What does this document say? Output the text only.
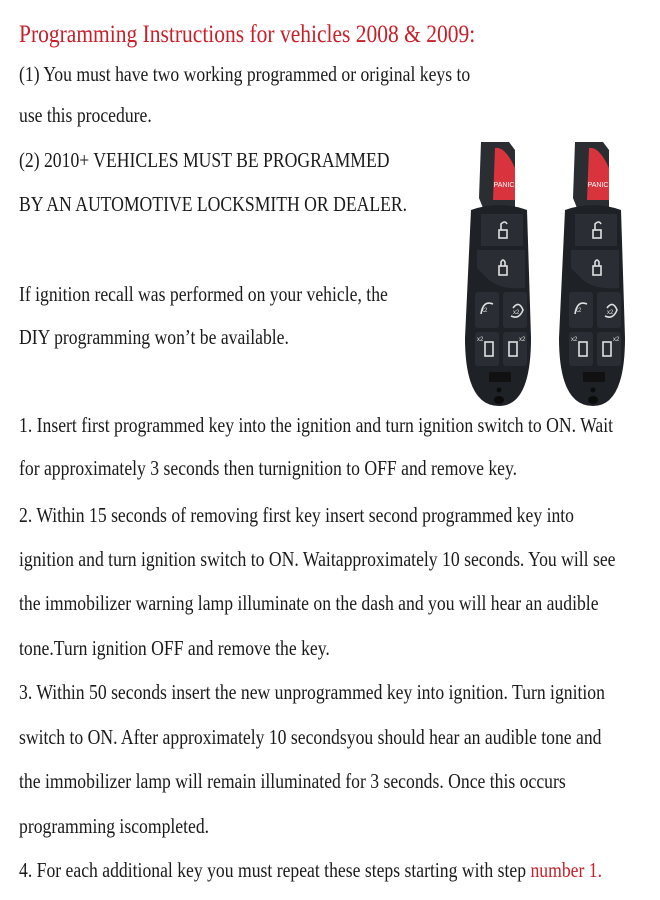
Programming Instructions for vehicles 2008 & 2009:
(1) You must have two working programmed or original keys to
use this procedure.
(2) 2010+ VEHICLES MUST BE PROGRAMMED
BY AN AUTOMOTIVE LOCKSMITH OR DEALER.
If ignition recall was performed on your vehicle, the
DIY programming won’t be available.
1. Insert first programmed key into the ignition and turn ignition switch to ON. Wait
for approximately 3 seconds then turnignition to OFF and remove key.
2. Within 15 seconds of removing first key insert second programmed key into
ignition and turn ignition switch to ON. Waitapproximately 10 seconds. You will see
the immobilizer warning lamp illuminate on the dash and you will hear an audible
tone.Turn ignition OFF and remove the key.
3. Within 50 seconds insert the new unprogrammed key into ignition. Turn ignition
switch to ON. After approximately 10 secondsyou should hear an audible tone and
the immobilizer lamp will remain illuminated for 3 seconds. Once this occurs
programming iscompleted.
4. For each additional key you must repeat these steps starting with step number 1.
PANIC
x2	x2
x2	x2
PANIC
x2	x2
x2	x2
